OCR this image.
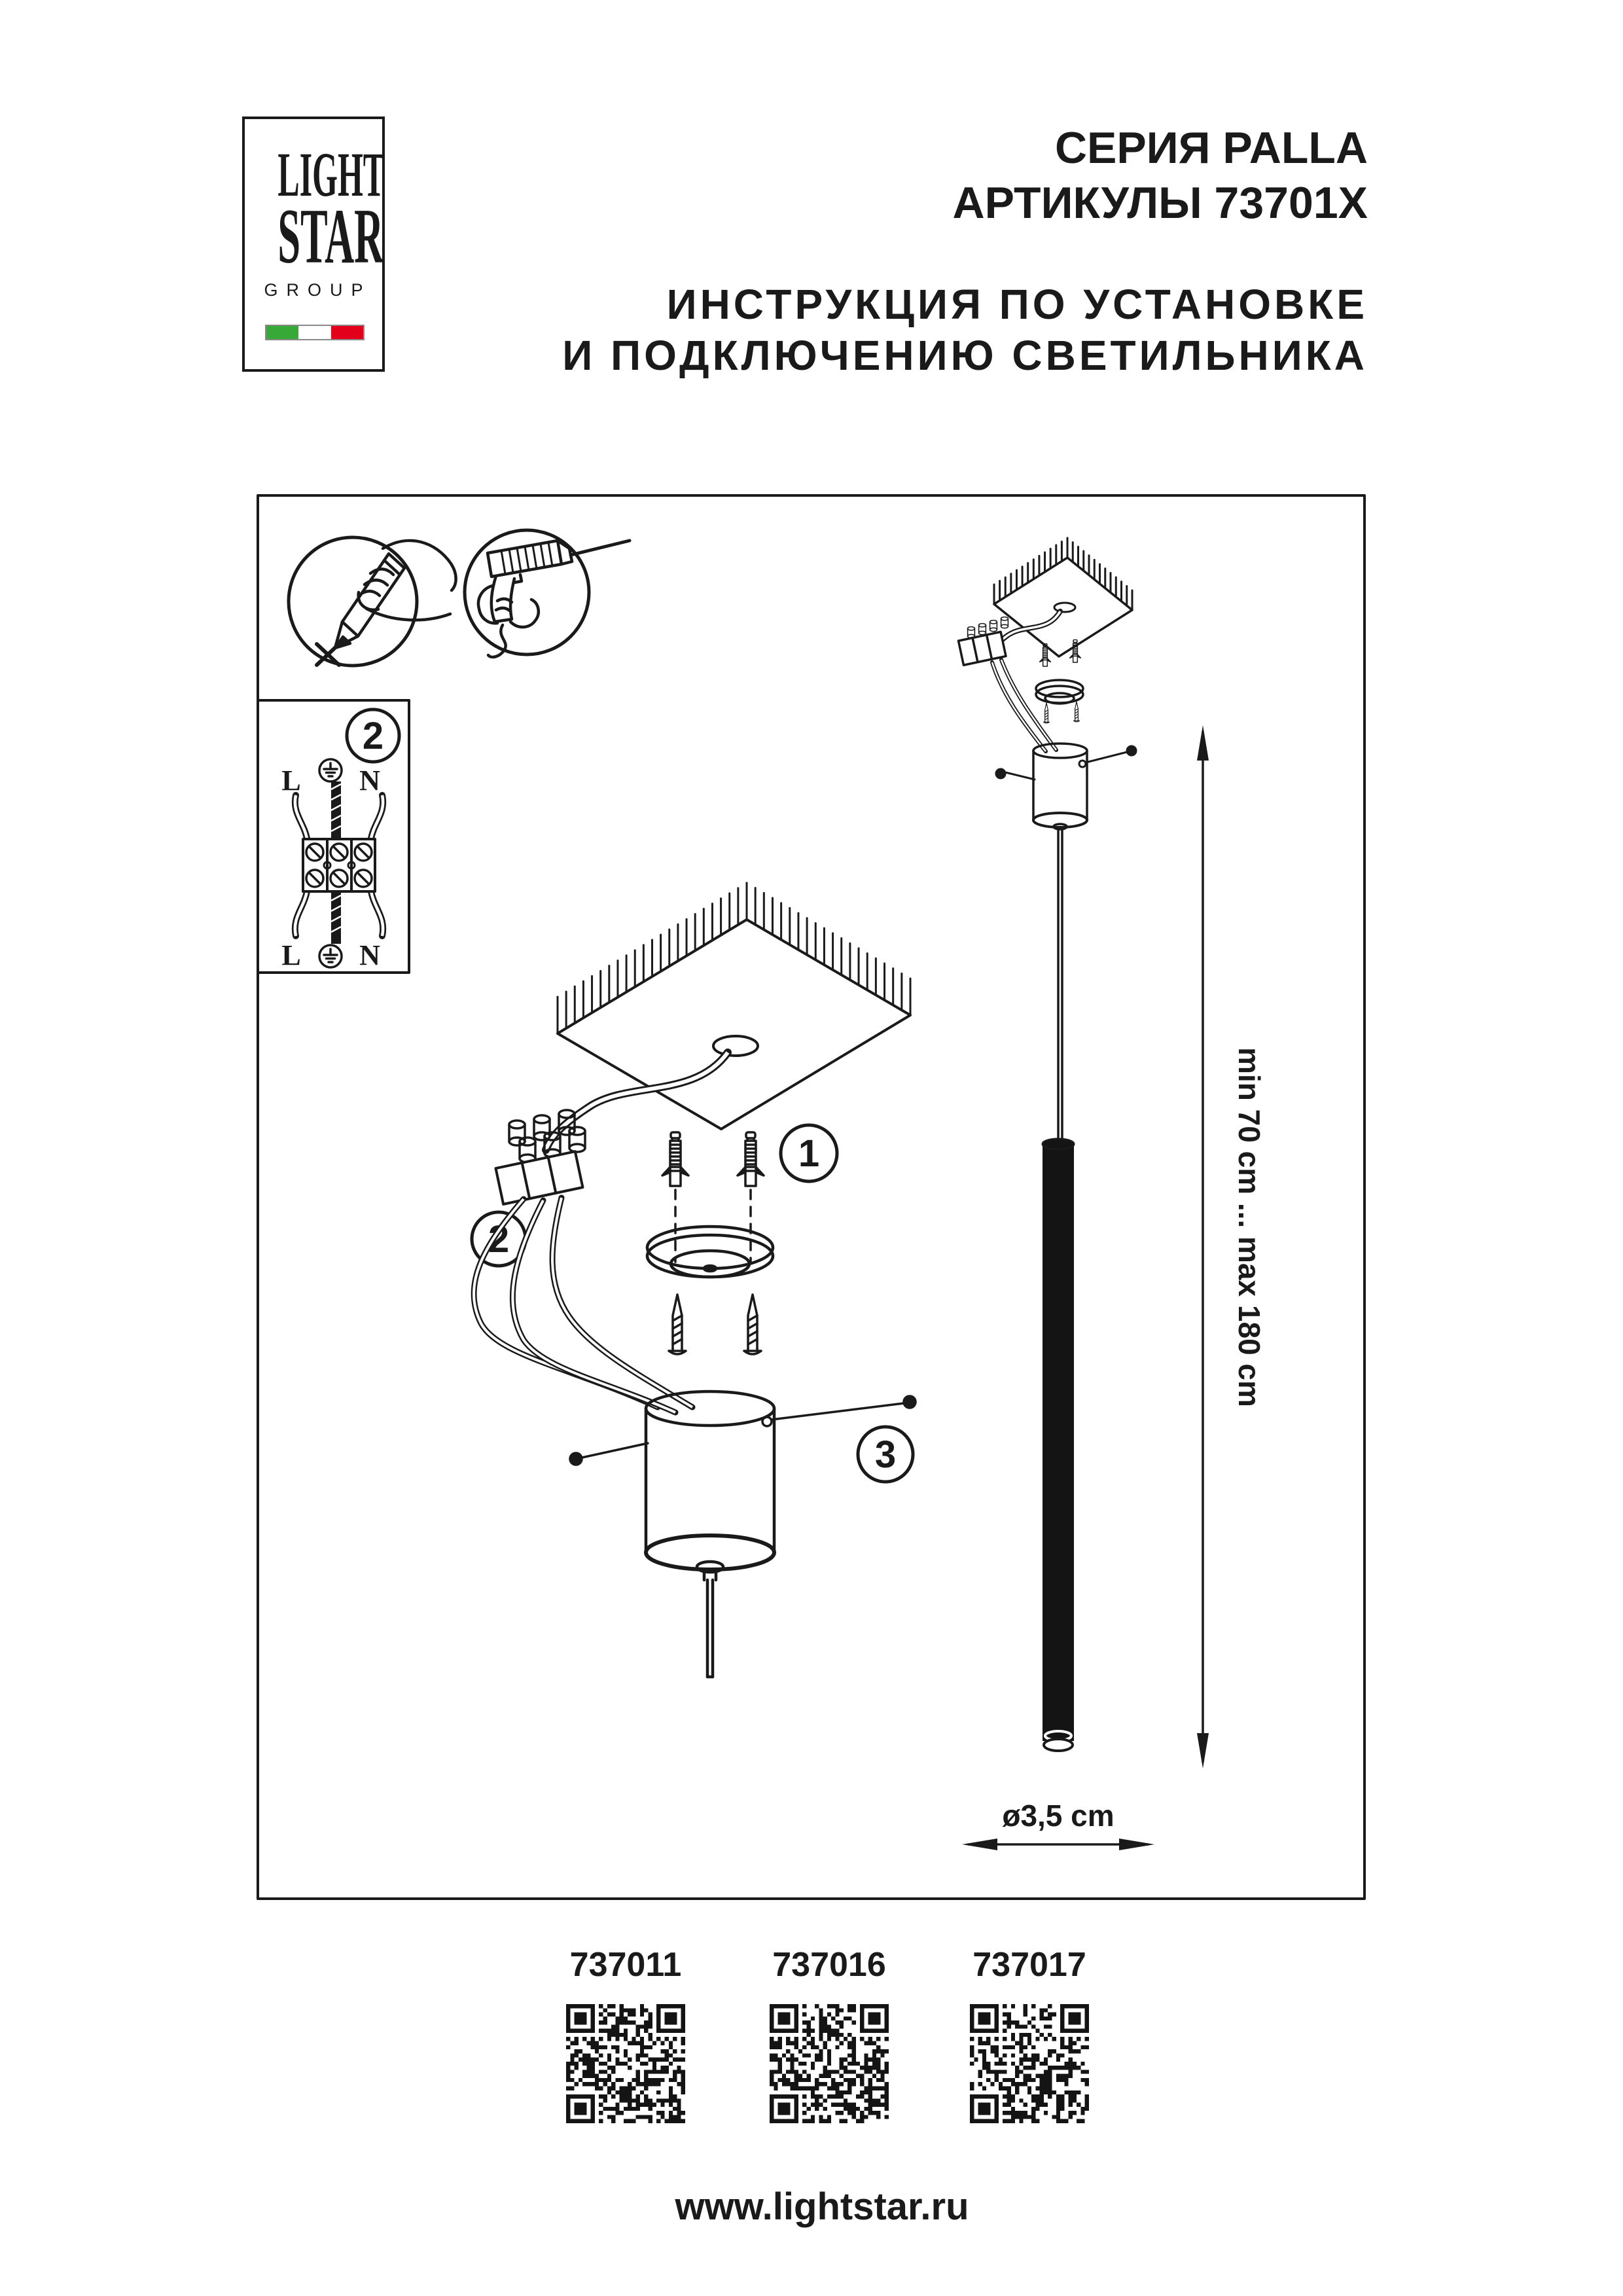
LIGHT
STAR
GROUP
СЕРИЯ PALLA
АРТИКУЛЫ 73701X
ИНСТРУКЦИЯ ПО УСТАНОВКЕ
И ПОДКЛЮЧЕНИЮ СВЕТИЛЬНИКА
2
L N
L N
2
1
3
min 70 cm ... max 180 cm
ø3,5 cm
737011	737016	737017
www.lightstar.ru
